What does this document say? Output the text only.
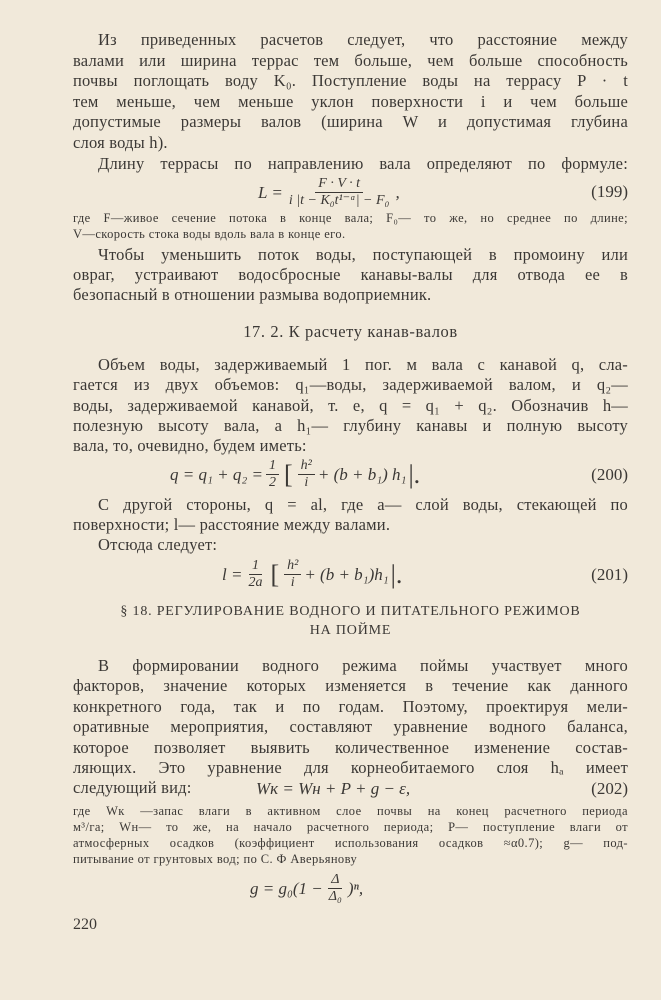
Из приведенных расчетов следует, что расстояние между
валами или ширина террас тем больше, чем больше способность
почвы поглощать воду K₀. Поступление воды на террасу P · t
тем меньше, чем меньше уклон поверхности i и чем больше
допустимые размеры валов (ширина W и допустимая глубина
слоя воды h).
Длину террасы по направлению вала определяют по формуле:
$L = \frac{F \cdot V \cdot t}{\text{i |t − K₀t¹⁻ᵅ| − F₀}}$ ,	(199)
где F—живое сечение потока в конце вала; F₀— то же, но среднее по длине;
V—скорость стока воды вдоль вала в конце его.
Чтобы уменьшить поток воды, поступающей в промоину или
овраг, устраивают водосбросные канавы-валы для отвода ее в
безопасный в отношении размыва водоприемник.
17. 2. К расчету канав-валов
Объем воды, задерживаемый 1 пог. м вала с канавой q, сла-
гается из двух объемов: q₁—воды, задерживаемой валом, и q₂—
воды, задерживаемой канавой, т. е, q = q₁ + q₂. Обозначив h—
полезную высоту вала, а h₁— глубину канавы и полную высоту
вала, то, очевидно, будем иметь:
$q = q_1 + q_2 = \frac{1}{2}$ [ $\frac{\text{h²}}{i} + (b + b_1)$ h₁ |.	(200)
С другой стороны, q = al, где a— слой воды, стекающей по
поверхности; l— расстояние между валами.
Отсюда следует:
$l = \frac{1}{2a}$ [ $\frac{\text{h²}}{i} + (b + b_1)h_1$ |.	(201)
§ 18. РЕГУЛИРОВАНИЕ ВОДНОГО И ПИТАТЕЛЬНОГО РЕЖИМОВ
НА ПОЙМЕ
В формировании водного режима поймы участвует много
факторов, значение которых изменяется в течение как данного
конкретного года, так и по годам. Поэтому, проектируя мели-
оративные мероприятия, составляют уравнение водного баланса,
которое позволяет выявить количественное изменение состав-
ляющих. Это уравнение для корнеобитаемого слоя hₐ имеет
следующий вид:	Wк = Wн + P + g − ε,	(202)
где Wк —запас влаги в активном слое почвы на конец расчетного периода
м³/га; Wн— то же, на начало расчетного периода; P— поступление влаги от
атмосферных осадков (коэффициент использования осадков ≈α0.7); g— под-
питывание от грунтовых вод; по С. Ф Аверьянову
g = g₀ $(1 - \frac{\Delta}{\text{Δ₀}} )^n$,
220
